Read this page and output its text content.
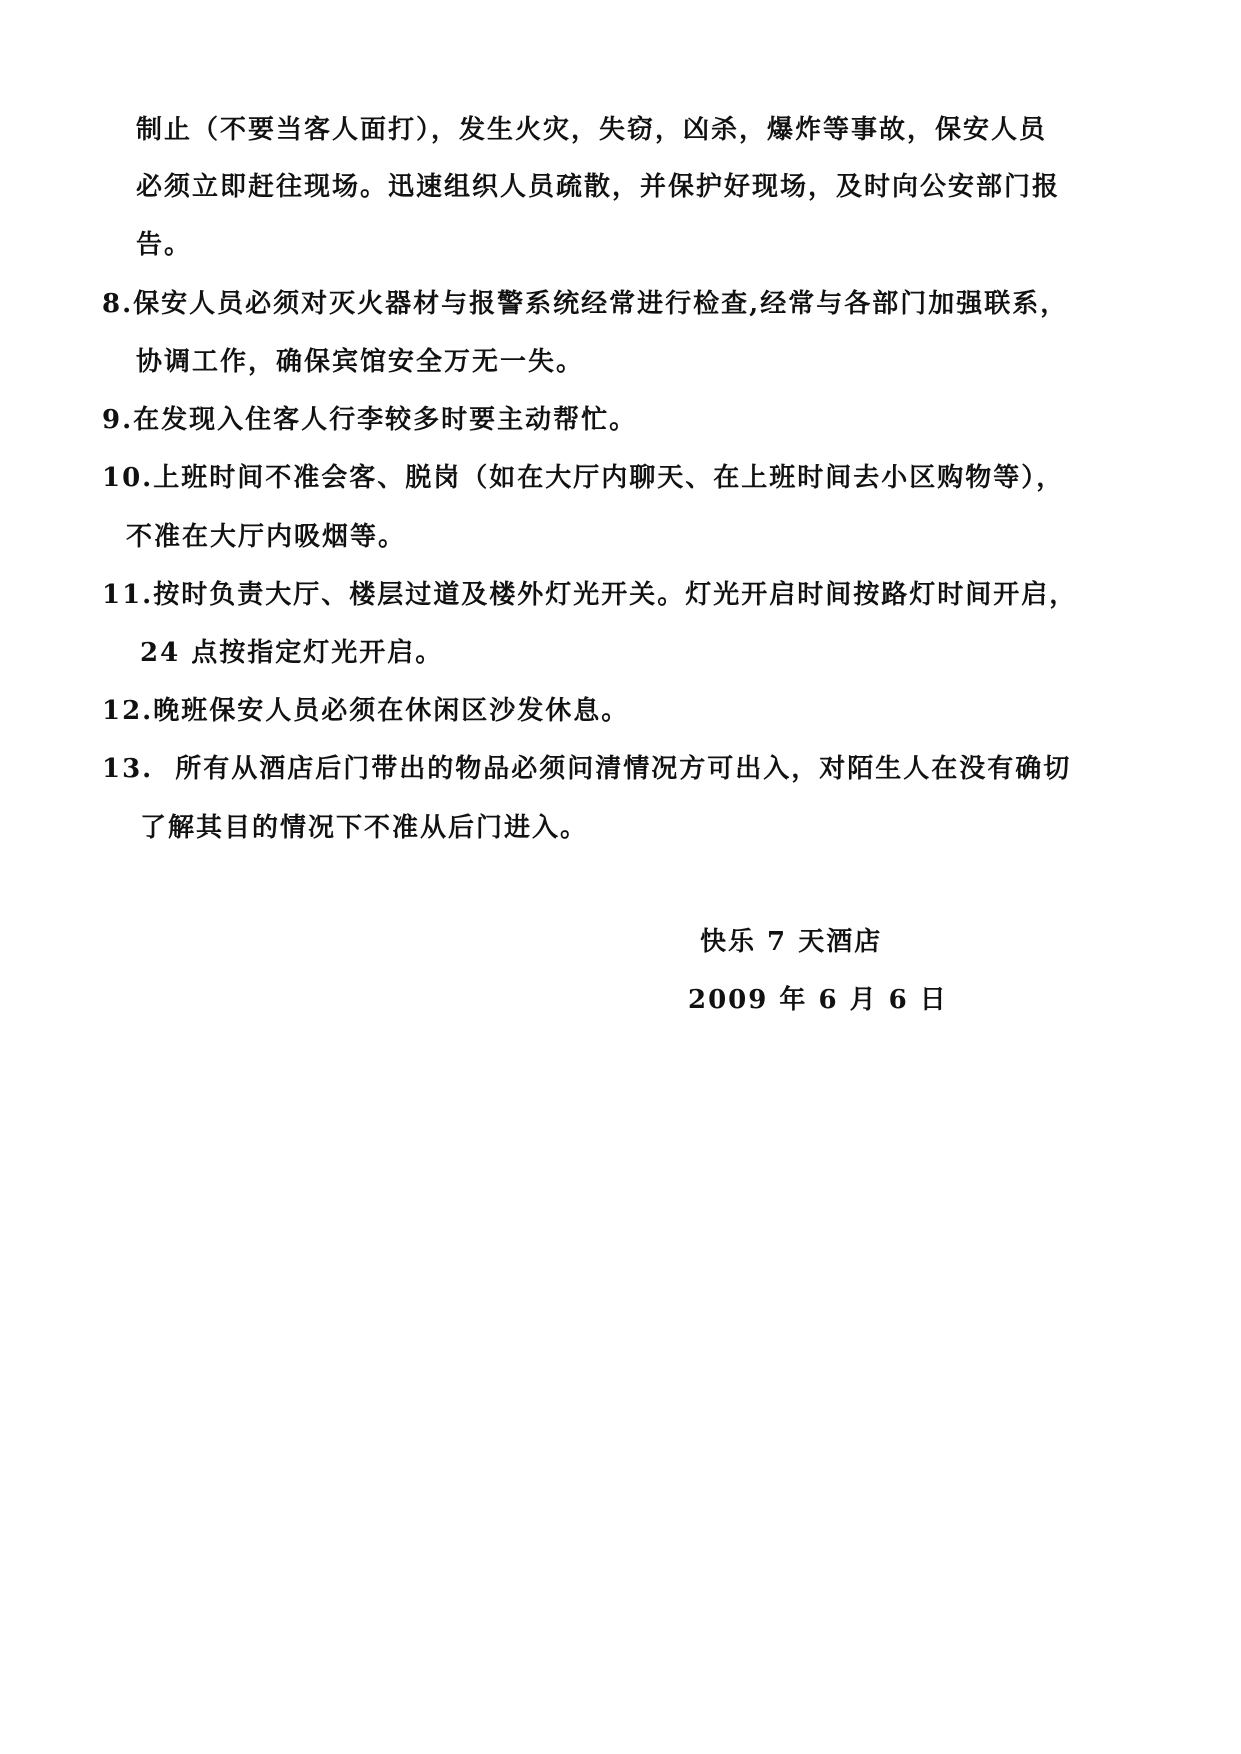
制止（不要当客人面打），发生火灾，失窃，凶杀，爆炸等事故，保安人员
必须立即赶往现场。迅速组织人员疏散，并保护好现场，及时向公安部门报
告。
8.保安人员必须对灭火器材与报警系统经常进行检查,经常与各部门加强联系，
协调工作，确保宾馆安全万无一失。
9.在发现入住客人行李较多时要主动帮忙。
10.上班时间不准会客、脱岗（如在大厅内聊天、在上班时间去小区购物等），
不准在大厅内吸烟等。
11.按时负责大厅、楼层过道及楼外灯光开关。灯光开启时间按路灯时间开启，
24 点按指定灯光开启。
12.晚班保安人员必须在休闲区沙发休息。
13. 所有从酒店后门带出的物品必须问清情况方可出入，对陌生人在没有确切
了解其目的情况下不准从后门进入。
快乐 7 天酒店
2009 年 6 月 6 日
